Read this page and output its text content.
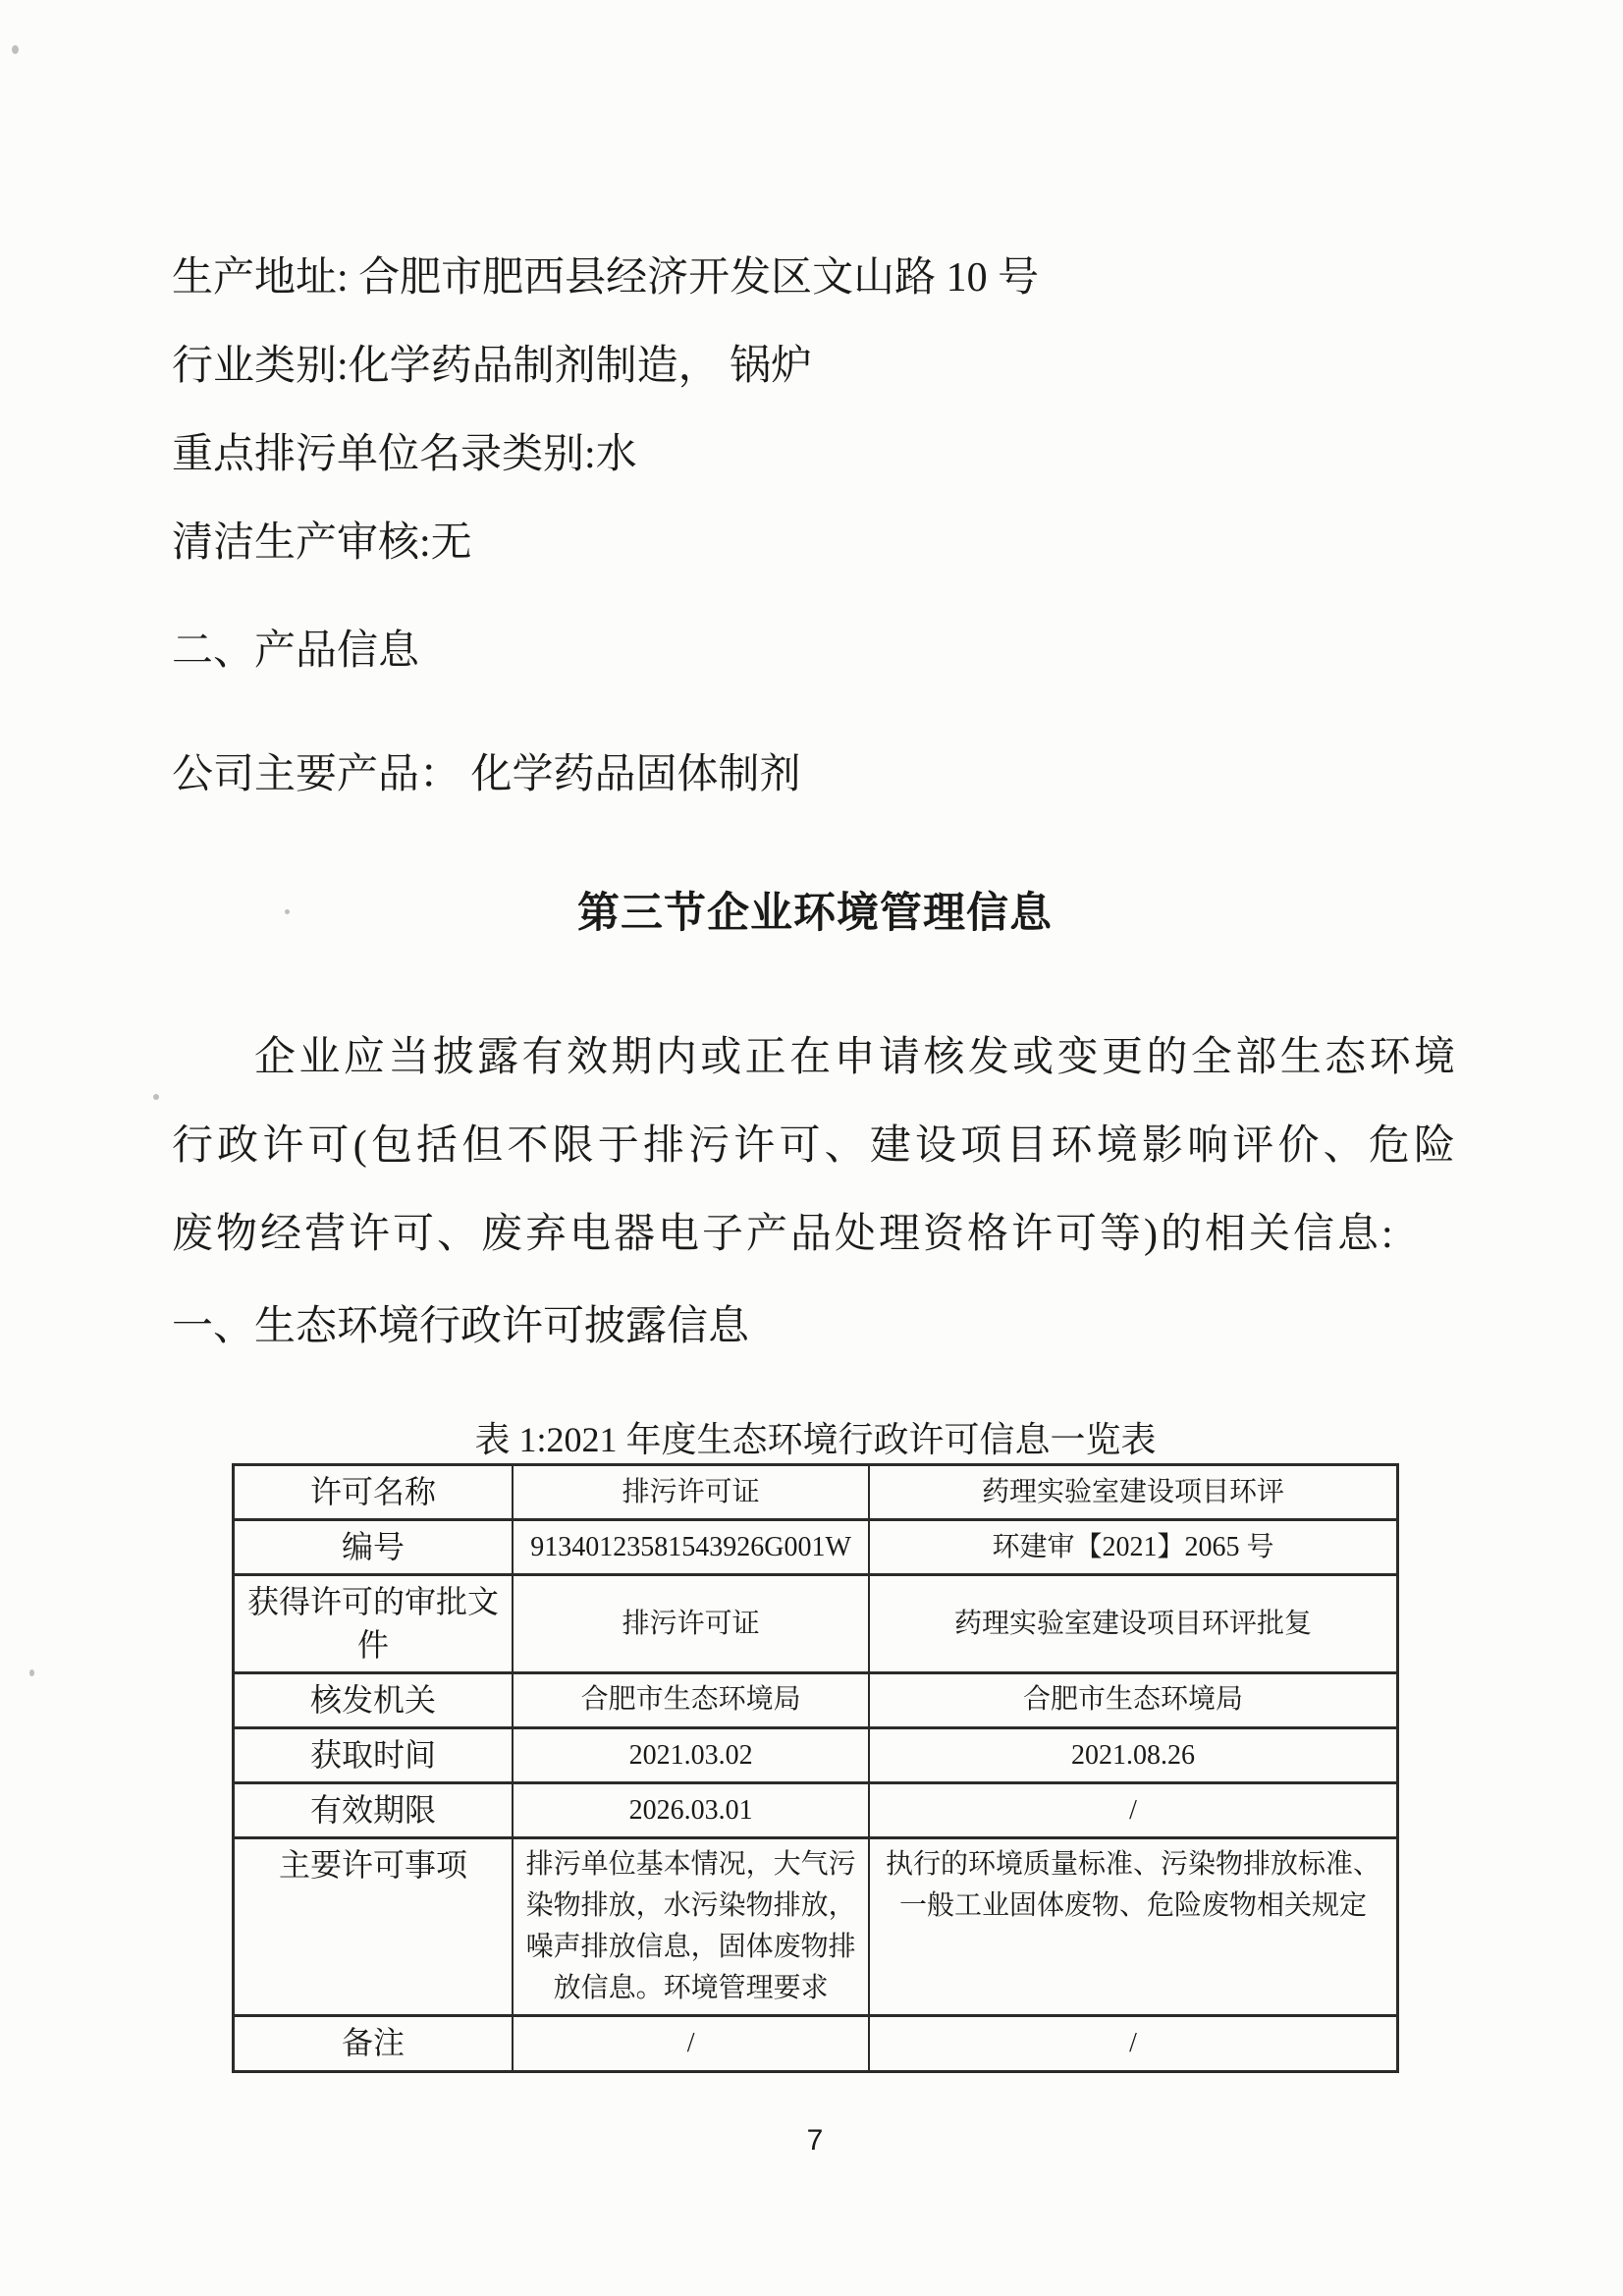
生产地址: 合肥市肥西县经济开发区文山路 10 号
行业类别:化学药品制剂制造， 锅炉
重点排污单位名录类别:水
清洁生产审核:无
二、产品信息
公司主要产品： 化学药品固体制剂
第三节企业环境管理信息
企业应当披露有效期内或正在申请核发或变更的全部生态环境行政许可(包括但不限于排污许可、建设项目环境影响评价、危险废物经营许可、废弃电器电子产品处理资格许可等)的相关信息:
一、生态环境行政许可披露信息
表 1:2021 年度生态环境行政许可信息一览表
许可名称	排污许可证	药理实验室建设项目环评
编号	91340123581543926G001W	环建审【2021】2065 号
获得许可的审批文件	排污许可证	药理实验室建设项目环评批复
核发机关	合肥市生态环境局	合肥市生态环境局
获取时间	2021.03.02	2021.08.26
有效期限	2026.03.01	/
主要许可事项	排污单位基本情况，大气污染物排放，水污染物排放，噪声排放信息，固体废物排放信息。环境管理要求	执行的环境质量标准、污染物排放标准、一般工业固体废物、危险废物相关规定
备注	/	/
7
